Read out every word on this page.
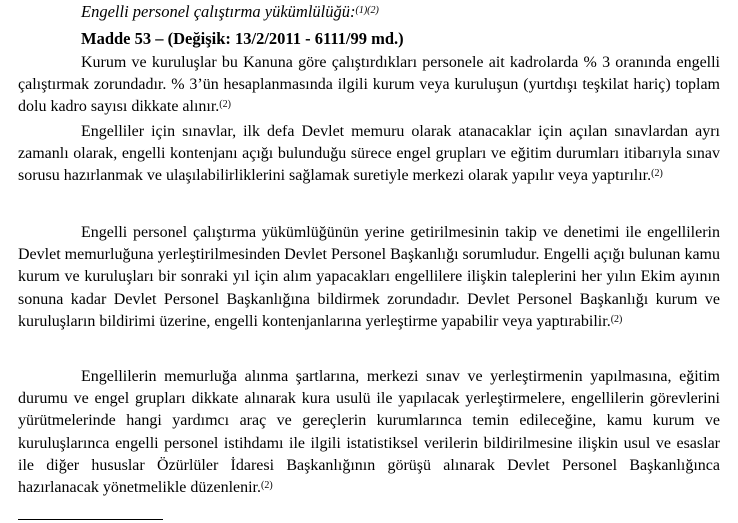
Engelli personel çalıştırma yükümlülüğü:$^{(1)(2)}$
Madde 53 – (Değişik: 13/2/2011 - 6111/99 md.)

Kurum ve kuruluşlar bu Kanuna göre çalıştırdıkları personele ait kadrolarda % 3 oranında engelli çalıştırmak zorundadır. % 3’ün hesaplanmasında ilgili kurum veya kuruluşun (yurtdışı teşkilat hariç) toplam dolu kadro sayısı dikkate alınır.$^{(2)}$

Engelliler için sınavlar, ilk defa Devlet memuru olarak atanacaklar için açılan sınavlardan ayrı zamanlı olarak, engelli kontenjanı açığı bulunduğu sürece engel grupları ve eğitim durumları itibarıyla sınav sorusu hazırlanmak ve ulaşılabilirliklerini sağlamak suretiyle merkezi olarak yapılır veya yaptırılır.$^{(2)}$

Engelli personel çalıştırma yükümlüğünün yerine getirilmesinin takip ve denetimi ile engellilerin Devlet memurluğuna yerleştirilmesinden Devlet Personel Başkanlığı sorumludur. Engelli açığı bulunan kamu kurum ve kuruluşları bir sonraki yıl için alım yapacakları engellilere ilişkin taleplerini her yılın Ekim ayının sonuna kadar Devlet Personel Başkanlığına bildirmek zorundadır. Devlet Personel Başkanlığı kurum ve kuruluşların bildirimi üzerine, engelli kontenjanlarına yerleştirme yapabilir veya yaptırabilir.$^{(2)}$

Engellilerin memurluğa alınma şartlarına, merkezi sınav ve yerleştirmenin yapılmasına, eğitim durumu ve engel grupları dikkate alınarak kura usulü ile yapılacak yerleştirmelere, engellilerin görevlerini yürütmelerinde hangi yardımcı araç ve gereçlerin kurumlarınca temin edileceğine, kamu kurum ve kuruluşlarınca engelli personel istihdamı ile ilgili istatistiksel verilerin bildirilmesine ilişkin usul ve esaslar ile diğer hususlar Özürlüler İdaresi Başkanlığının görüşü alınarak Devlet Personel Başkanlığınca hazırlanacak yönetmelikle düzenlenir.$^{(2)}$
